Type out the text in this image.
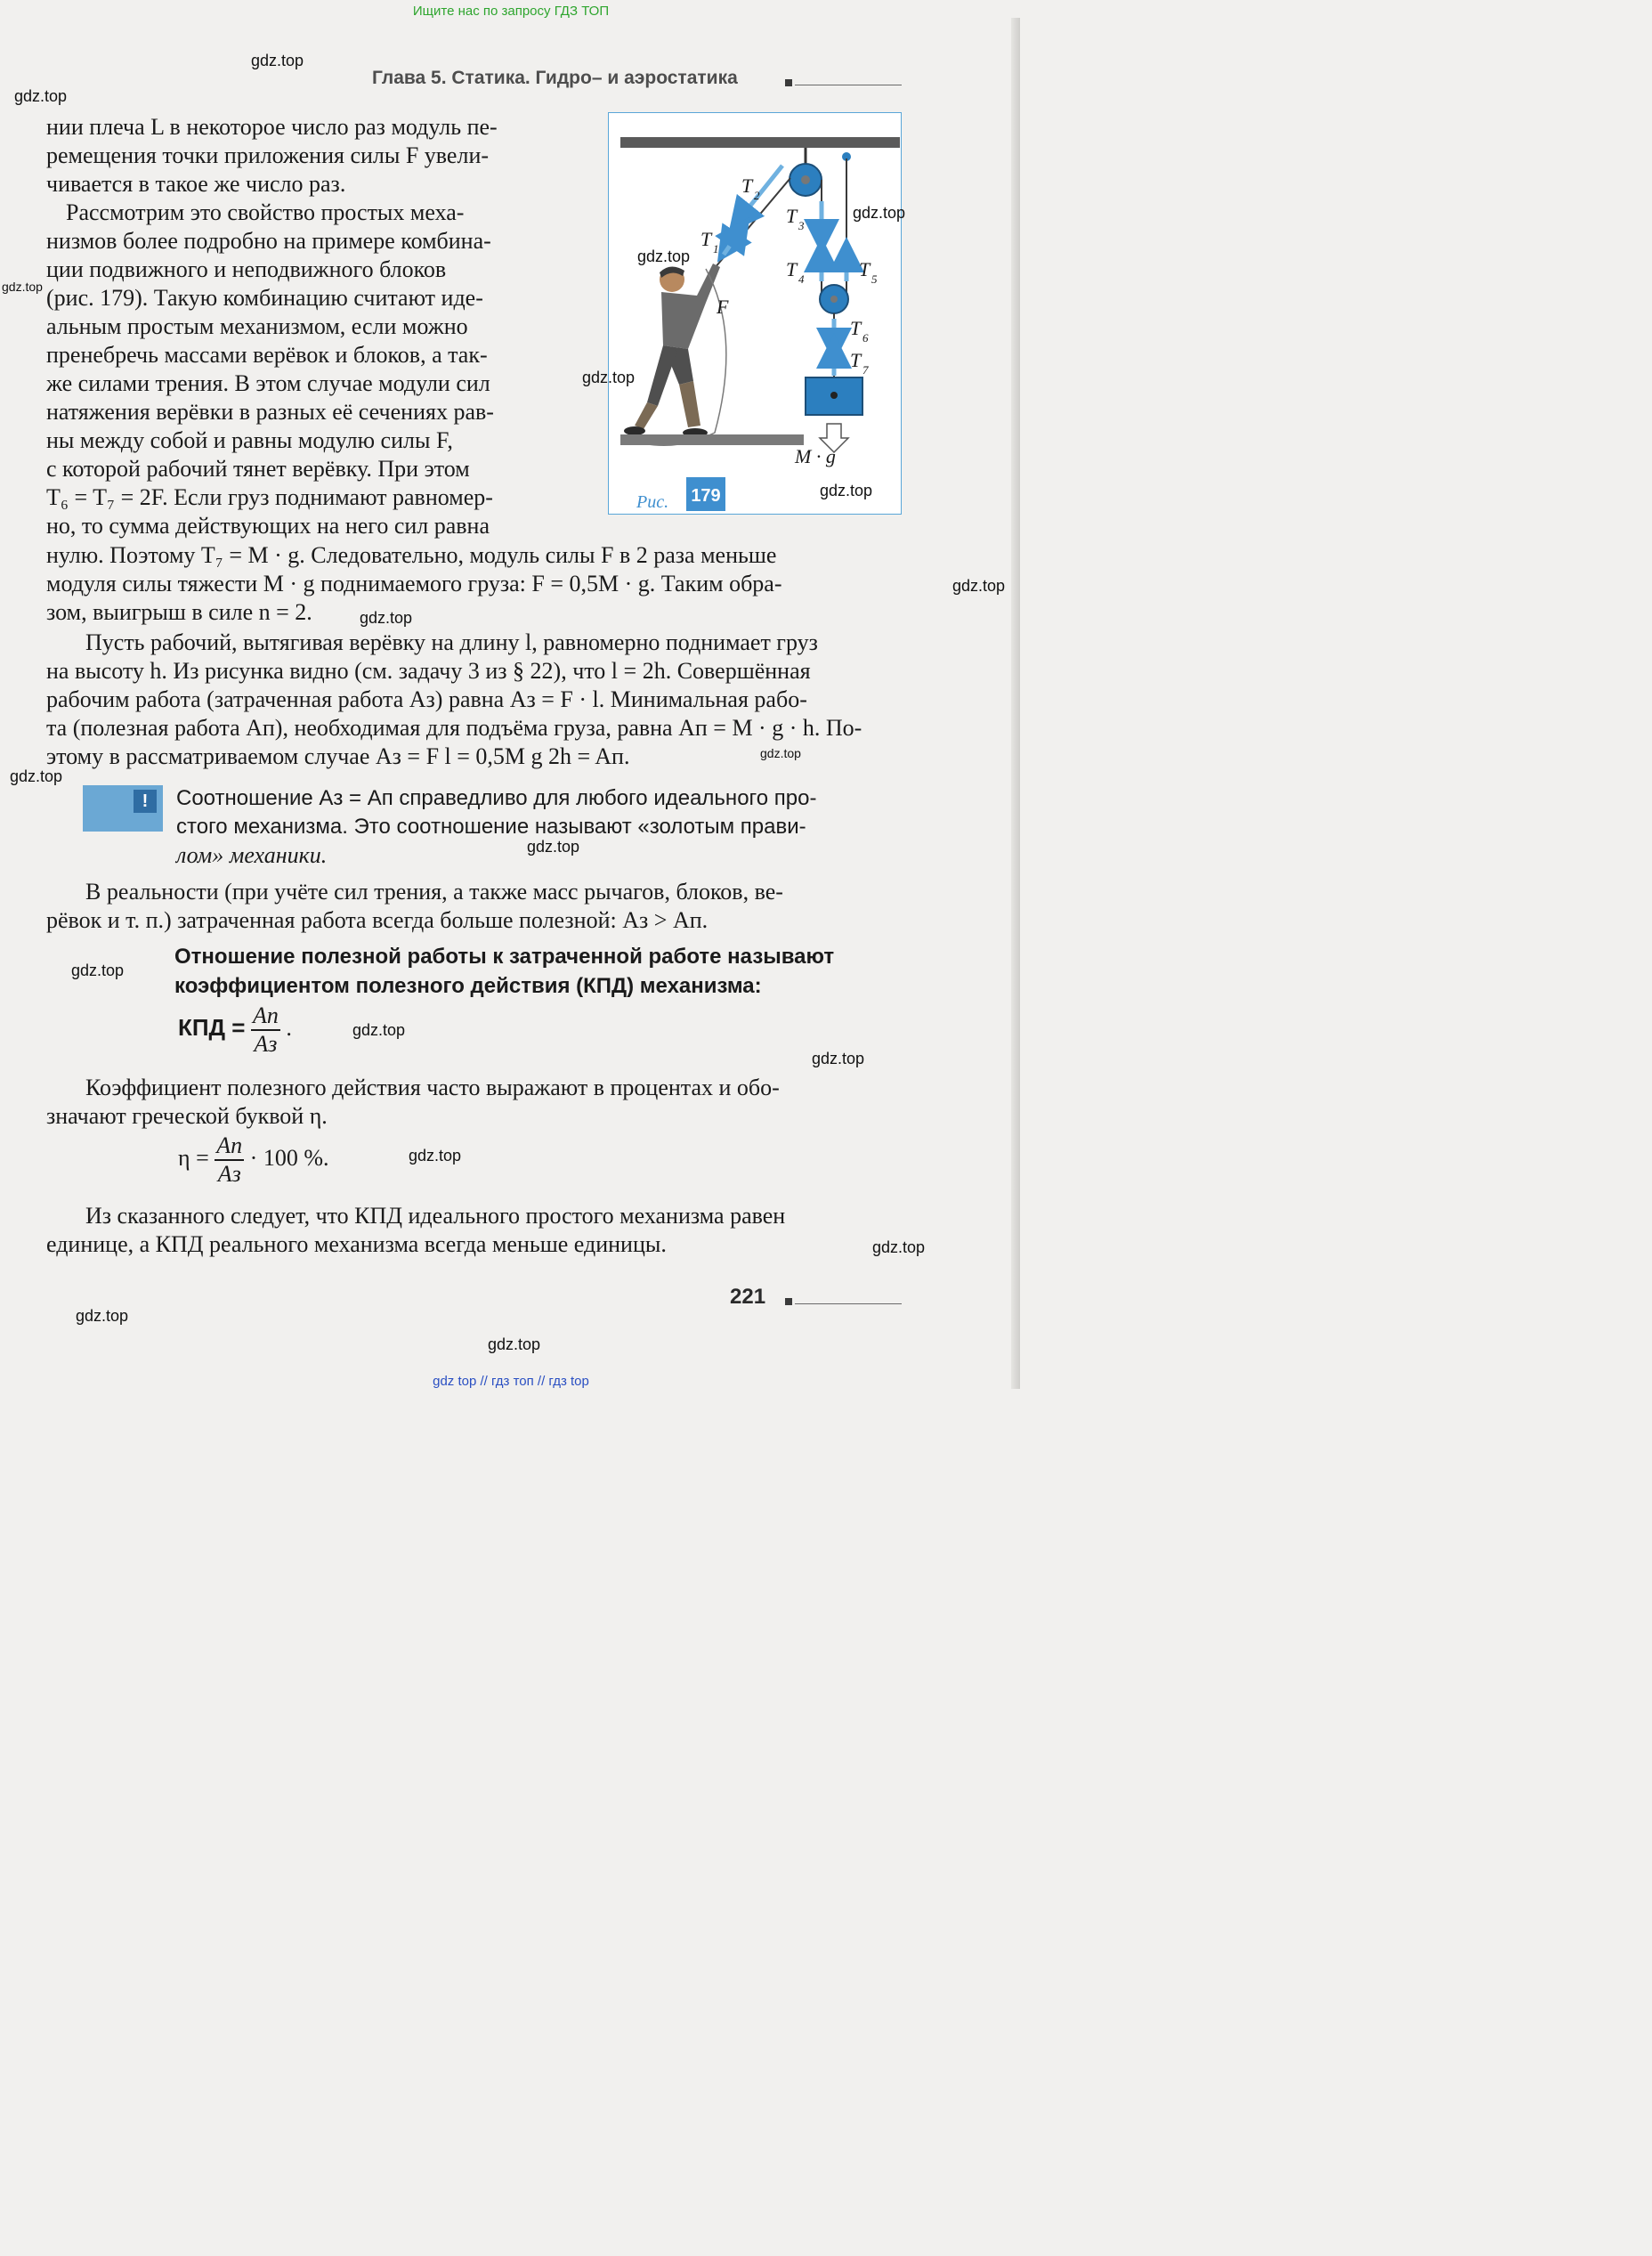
Ищите нас по запросу ГДЗ ТОП
Глава 5. Статика. Гидро– и аэростатика
нии плеча L в некоторое число раз модуль пе-
ремещения точки приложения силы F увели-
чивается в такое же число раз.
Рассмотрим это свойство простых меха-
низмов более подробно на примере комбина-
ции подвижного и неподвижного блоков
(рис. 179). Такую комбинацию считают иде-
альным простым механизмом, если можно
пренебречь массами верёвок и блоков, а так-
же силами трения. В этом случае модули сил
натяжения верёвки в разных её сечениях рав-
ны между собой и равны модулю силы F,
с которой рабочий тянет верёвку. При этом
T₆ = T₇ = 2F. Если груз поднимают равномер-
но, то сумма действующих на него сил равна
T 2
T 3
T 1
T 4	T 5
F
T 6
T 7
M · g
Рис. 179
нулю. Поэтому T₇ = M · g. Следовательно, модуль силы F в 2 раза меньше
модуля силы тяжести M · g поднимаемого груза: F = 0,5M · g. Таким обра-
зом, выигрыш в силе n = 2.
Пусть рабочий, вытягивая верёвку на длину l, равномерно поднимает груз
на высоту h. Из рисунка видно (см. задачу 3 из § 22), что l = 2h. Совершённая
рабочим работа (затраченная работа Aз) равна Aз = F · l. Минимальная рабо-
та (полезная работа Aп), необходимая для подъёма груза, равна Aп = M · g · h. По-
этому в рассматриваемом случае Aз = F l = 0,5M g 2h = Aп.
!	Соотношение Aз = Aп справедливо для любого идеального про-
стого механизма. Это соотношение называют «золотым прави-
лом» механики.
В реальности (при учёте сил трения, а также масс рычагов, блоков, ве-
рёвок и т. п.) затраченная работа всегда больше полезной: Aз > Aп.
Отношение полезной работы к затраченной работе называют
коэффициентом полезного действия (КПД) механизма:
КПД = $\frac{Aп}{Aз}$ .
Коэффициент полезного действия часто выражают в процентах и обо-
значают греческой буквой η.
$\eta = \frac{Aп}{Aз} \cdot 100$ %.
Из сказанного следует, что КПД идеального простого механизма равен
единице, а КПД реального механизма всегда меньше единицы.
221
gdz.top
gdz.top
gdz.top
gdz.top
gdz.top
gdz.top
gdz.top
gdz.top
gdz.top
gdz.top
gdz.top
gdz.top
gdz.top
gdz.top
gdz.top
gdz.top
gdz.top
gdz.top
gdz.top
gdz top // гдз топ // гдз top
